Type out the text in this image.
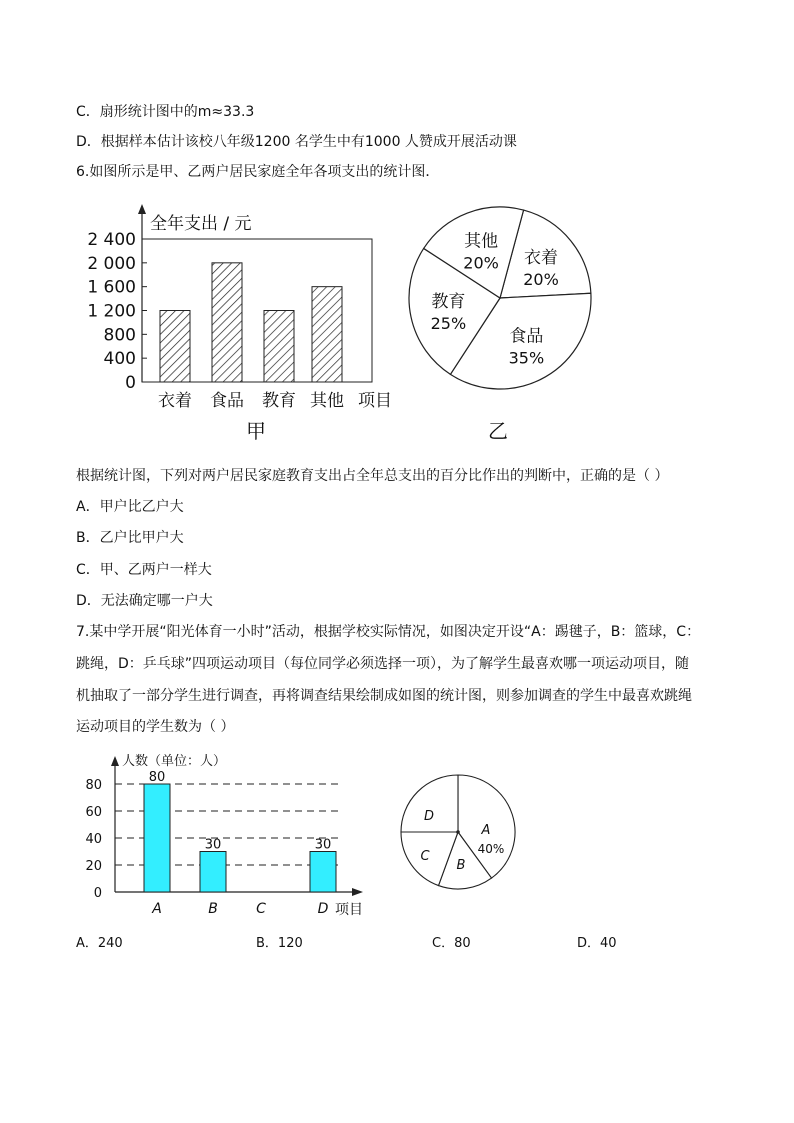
C．扇形统计图中的m≈33.3
D．根据样本估计该校八年级1200 名学生中有1000 人赞成开展活动课
6.如图所示是甲、乙两户居民家庭全年各项支出的统计图．
全年支出 / 元
项目
甲
0
400
800
1 200
1 600
2 000
2 400
衣着 食品 教育 其他
衣着
20%
食品
35%
教育
25%
其他
20%
乙
根据统计图，下列对两户居民家庭教育支出占全年总支出的百分比作出的判断中，正确的是（ ）
A．甲户比乙户大
B．乙户比甲户大
C．甲、乙两户一样大
D．无法确定哪一户大
7.某中学开展“阳光体育一小时”活动，根据学校实际情况，如图决定开设“A：踢毽子，B：篮球，C：
跳绳，D：乒乓球”四项运动项目（每位同学必须选择一项），为了解学生最喜欢哪一项运动项目，随
机抽取了一部分学生进行调查，再将调查结果绘制成如图的统计图，则参加调查的学生中最喜欢跳绳
运动项目的学生数为（ ）
人数（单位：人）
项目
0
20
40
60
80
80
30	30
A	B	C	D
A
B
C
D
40%
A．240	B．120	C．80	D．40
